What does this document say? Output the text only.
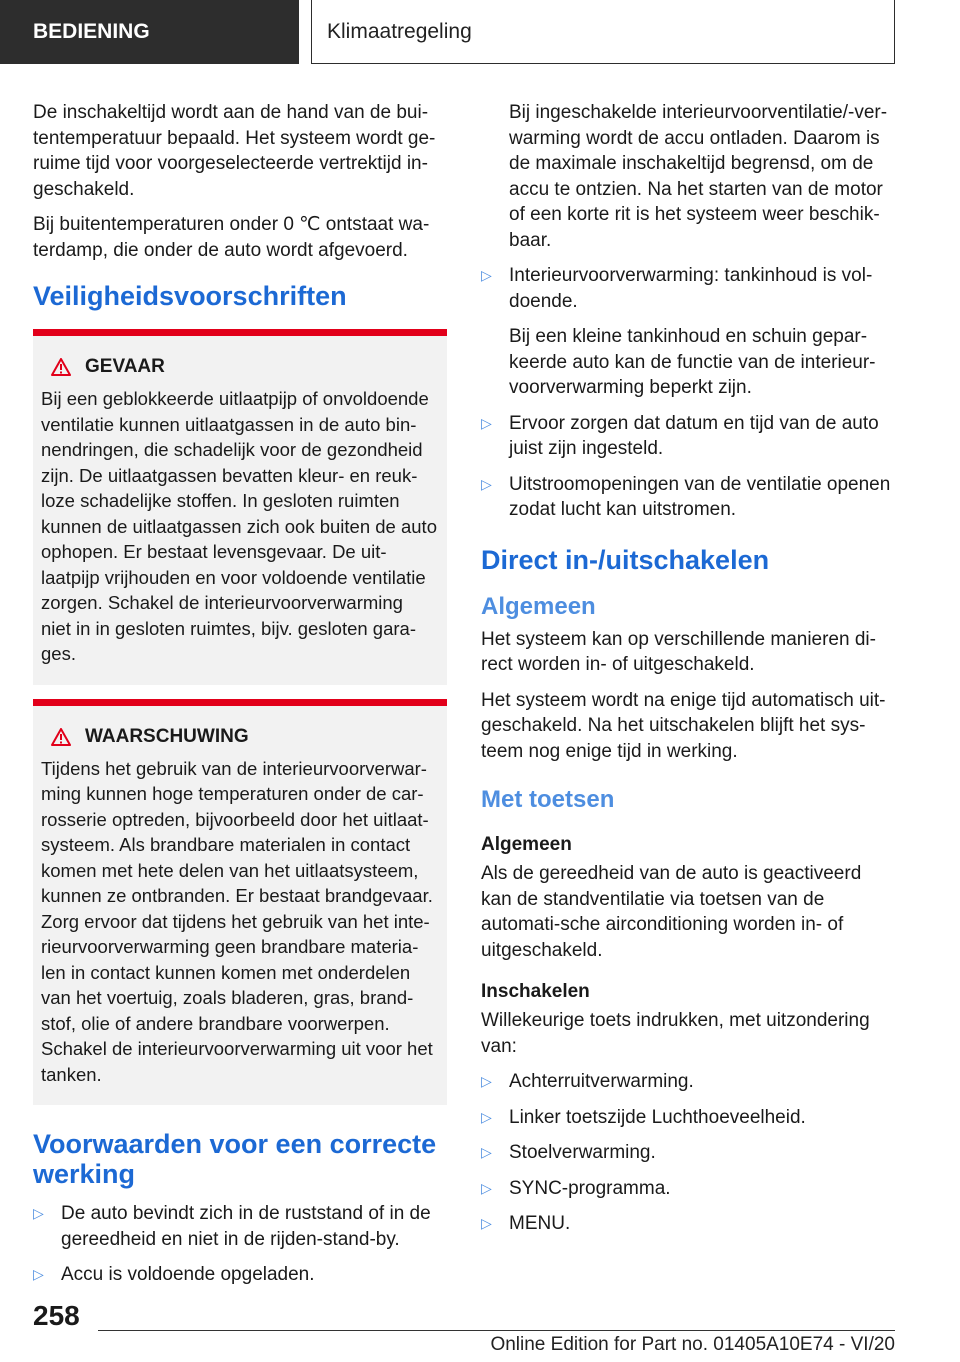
BEDIENING	Klimaatregeling

De inschakeltijd wordt aan de hand van de bui-tentemperatuur bepaald. Het systeem wordt ge-ruime tijd voor voorgeselecteerde vertrektijd in-geschakeld.

Bij buitentemperaturen onder 0 ℃ ontstaat wa-terdamp, die onder de auto wordt afgevoerd.

Veiligheidsvoorschriften
GEVAAR

Bij een geblokkeerde uitlaatpijp of onvoldoende ventilatie kunnen uitlaatgassen in de auto bin-nendringen, die schadelijk voor de gezondheid zijn. De uitlaatgassen bevatten kleur- en reuk-loze schadelijke stoffen. In gesloten ruimten kunnen de uitlaatgassen zich ook buiten de auto ophopen. Er bestaat levensgevaar. De uit-laatpijp vrijhouden en voor voldoende ventilatie zorgen. Schakel de interieurvoorverwarming niet in in gesloten ruimtes, bijv. gesloten gara-ges.

WAARSCHUWING

Tijdens het gebruik van de interieurvoorverwar-ming kunnen hoge temperaturen onder de car-rosserie optreden, bijvoorbeeld door het uitlaat-systeem. Als brandbare materialen in contact komen met hete delen van het uitlaatsysteem, kunnen ze ontbranden. Er bestaat brandgevaar. Zorg ervoor dat tijdens het gebruik van het inte-rieurvoorverwarming geen brandbare materia-len in contact kunnen komen met onderdelen van het voertuig, zoals bladeren, gras, brand-stof, olie of andere brandbare voorwerpen. Schakel de interieurvoorverwarming uit voor het tanken.

Voorwaarden voor een correcte werking
▷ De auto bevindt zich in de ruststand of in de gereedheid en niet in de rijden-stand-by.
▷ Accu is voldoende opgeladen.

Bij ingeschakelde interieurvoorventilatie/-ver-warming wordt de accu ontladen. Daarom is de maximale inschakeltijd begrensd, om de accu te ontzien. Na het starten van de motor of een korte rit is het systeem weer beschik-baar.

▷ Interieurvoorverwarming: tankinhoud is vol-doende.

Bij een kleine tankinhoud en schuin gepar-keerde auto kan de functie van de interieur-voorverwarming beperkt zijn.

▷ Ervoor zorgen dat datum en tijd van de auto juist zijn ingesteld.
▷ Uitstroomopeningen van de ventilatie openen zodat lucht kan uitstromen.
Direct in-/uitschakelen
Algemeen

Het systeem kan op verschillende manieren di-rect worden in- of uitgeschakeld.

Het systeem wordt na enige tijd automatisch uit-geschakeld. Na het uitschakelen blijft het sys-teem nog enige tijd in werking.

Met toetsen
Algemeen

Als de gereedheid van de auto is geactiveerd kan de standventilatie via toetsen van de automati-sche airconditioning worden in- of uitgeschakeld.

Inschakelen

Willekeurige toets indrukken, met uitzondering van:

▷ Achterruitverwarming.
▷ Linker toetszijde Luchthoeveelheid.
▷ Stoelverwarming.
▷ SYNC-programma.
▷ MENU.
258
Online Edition for Part no. 01405A10E74 - VI/20
